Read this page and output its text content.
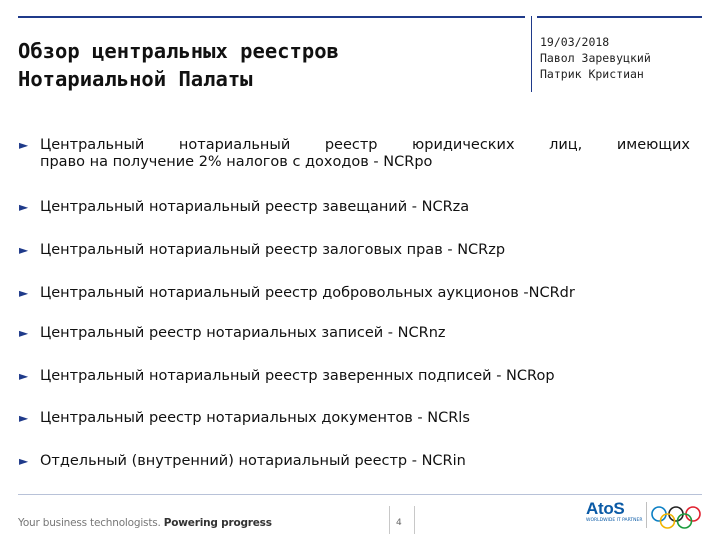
Обзор центральных реестров
Нотариальной Палаты
19/03/2018
Павол Заревуцкий
Патрик Кристиан
► Центральный нотариальный реестр юридических лиц, имеющих
право на получение 2% налогов с доходов - NCRpo
► Центральный нотариальный реестр завещаний - NCRza
► Центральный нотариальный реестр залоговых прав - NCRzp
► Центральный нотариальный реестр добровольных аукционов -NCRdr
► Центральный реестр нотариальных записей - NCRnz
► Центральный нотариальный реестр заверенных подписей - NCRop
► Центральный реестр нотариальных документов - NCRls
► Отдельный (внутренний) нотариальный реестр - NCRin
Your business technologists. Powering progress	4
AtoS
WORLDWIDE IT PARTNER
